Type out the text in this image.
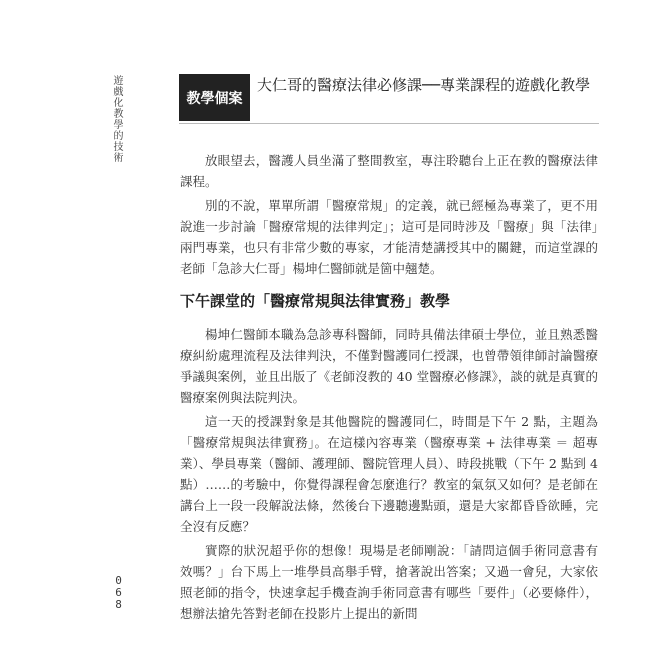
遊戲化教學的技術
068
教學個案
大仁哥的醫療法律必修課──專業課程的遊戲化教學

放眼望去，醫護人員坐滿了整間教室，專注聆聽台上正在教的醫療法律課程。

別的不說，單單所謂「醫療常規」的定義，就已經極為專業了，更不用說進一步討論「醫療常規的法律判定」；這可是同時涉及「醫療」與「法律」兩門專業，也只有非常少數的專家，才能清楚講授其中的關鍵，而這堂課的老師「急診大仁哥」楊坤仁醫師就是箇中翹楚。

下午課堂的「醫療常規與法律實務」教學

楊坤仁醫師本職為急診專科醫師，同時具備法律碩士學位，並且熟悉醫療糾紛處理流程及法律判決，不僅對醫護同仁授課，也曾帶領律師討論醫療爭議與案例，並且出版了《老師沒教的 40 堂醫療必修課》，談的就是真實的醫療案例與法院判決。

這一天的授課對象是其他醫院的醫護同仁，時間是下午 2 點，主題為「醫療常規與法律實務」。在這樣內容專業（醫療專業 + 法律專業 ＝ 超專業）、學員專業（醫師、護理師、醫院管理人員）、時段挑戰（下午 2 點到 4 點）……的考驗中，你覺得課程會怎麼進行？教室的氣氛又如何？是老師在講台上一段一段解說法條，然後台下邊聽邊點頭，還是大家都昏昏欲睡，完全沒有反應？

實際的狀況超乎你的想像！現場是老師剛說：「請問這個手術同意書有效嗎？」台下馬上一堆學員高舉手臂，搶著說出答案；又過一會兒，大家依照老師的指令，快速拿起手機查詢手術同意書有哪些「要件」（必要條件），想辦法搶先答對老師在投影片上提出的新問
